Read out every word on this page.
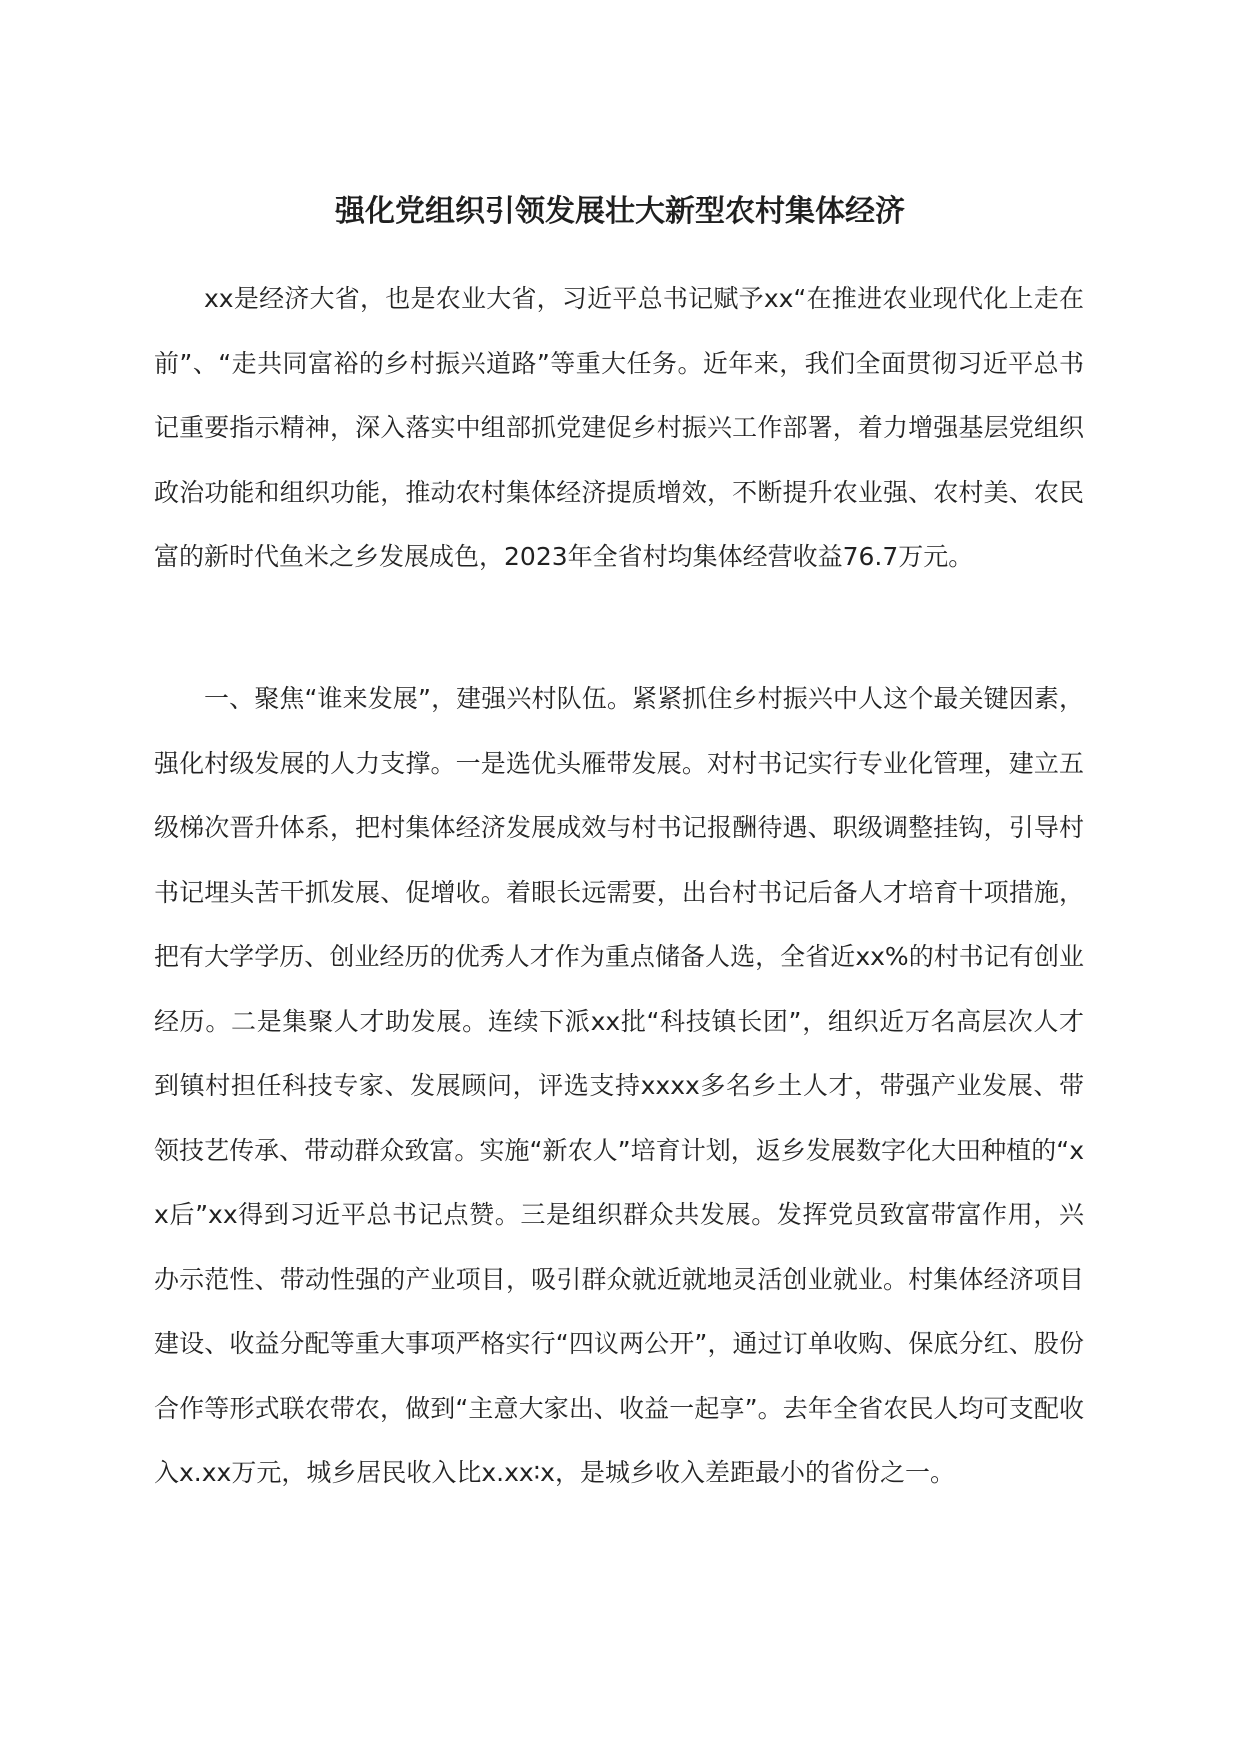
强化党组织引领发展壮大新型农村集体经济

xx是经济大省，也是农业大省，习近平总书记赋予xx“在推进农业现代化上走在前”、“走共同富裕的乡村振兴道路”等重大任务。近年来，我们全面贯彻习近平总书记重要指示精神，深入落实中组部抓党建促乡村振兴工作部署，着力增强基层党组织政治功能和组织功能，推动农村集体经济提质增效，不断提升农业强、农村美、农民富的新时代鱼米之乡发展成色，2023年全省村均集体经营收益76.7万元。

一、聚焦“谁来发展”，建强兴村队伍。紧紧抓住乡村振兴中人这个最关键因素，强化村级发展的人力支撑。一是选优头雁带发展。对村书记实行专业化管理，建立五级梯次晋升体系，把村集体经济发展成效与村书记报酬待遇、职级调整挂钩，引导村书记埋头苦干抓发展、促增收。着眼长远需要，出台村书记后备人才培育十项措施，把有大学学历、创业经历的优秀人才作为重点储备人选，全省近xx%的村书记有创业经历。二是集聚人才助发展。连续下派xx批“科技镇长团”，组织近万名高层次人才到镇村担任科技专家、发展顾问，评选支持xxxx多名乡土人才，带强产业发展、带领技艺传承、带动群众致富。实施“新农人”培育计划，返乡发展数字化大田种植的“xx后”xx得到习近平总书记点赞。三是组织群众共发展。发挥党员致富带富作用，兴办示范性、带动性强的产业项目，吸引群众就近就地灵活创业就业。村集体经济项目建设、收益分配等重大事项严格实行“四议两公开”，通过订单收购、保底分红、股份合作等形式联农带农，做到“主意大家出、收益一起享”。去年全省农民人均可支配收入x.xx万元，城乡居民收入比x.xx∶x，是城乡收入差距最小的省份之一。
